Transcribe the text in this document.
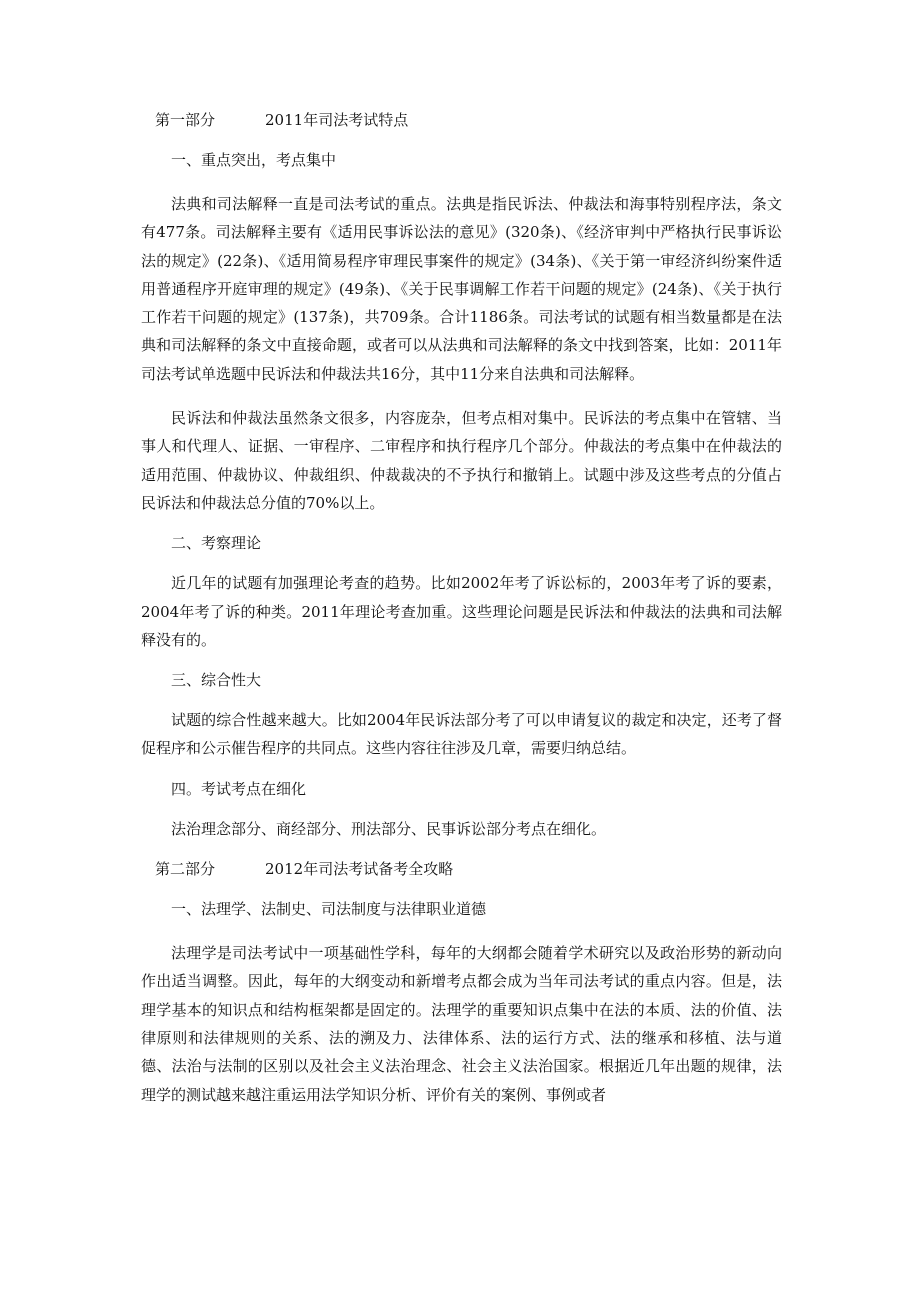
第一部分	2011年司法考试特点

一、重点突出，考点集中

法典和司法解释一直是司法考试的重点。法典是指民诉法、仲裁法和海事特别程序法，条文有477条。司法解释主要有《适用民事诉讼法的意见》(320条)、《经济审判中严格执行民事诉讼法的规定》(22条)、《适用简易程序审理民事案件的规定》(34条)、《关于第一审经济纠纷案件适用普通程序开庭审理的规定》(49条)、《关于民事调解工作若干问题的规定》(24条)、《关于执行工作若干问题的规定》(137条)，共709条。合计1186条。司法考试的试题有相当数量都是在法典和司法解释的条文中直接命题，或者可以从法典和司法解释的条文中找到答案，比如：2011年司法考试单选题中民诉法和仲裁法共16分，其中11分来自法典和司法解释。

民诉法和仲裁法虽然条文很多，内容庞杂，但考点相对集中。民诉法的考点集中在管辖、当事人和代理人、证据、一审程序、二审程序和执行程序几个部分。仲裁法的考点集中在仲裁法的适用范围、仲裁协议、仲裁组织、仲裁裁决的不予执行和撤销上。试题中涉及这些考点的分值占民诉法和仲裁法总分值的70%以上。

二、考察理论

近几年的试题有加强理论考查的趋势。比如2002年考了诉讼标的，2003年考了诉的要素，2004年考了诉的种类。2011年理论考查加重。这些理论问题是民诉法和仲裁法的法典和司法解释没有的。

三、综合性大

试题的综合性越来越大。比如2004年民诉法部分考了可以申请复议的裁定和决定，还考了督促程序和公示催告程序的共同点。这些内容往往涉及几章，需要归纳总结。

四。考试考点在细化

法治理念部分、商经部分、刑法部分、民事诉讼部分考点在细化。

第二部分	2012年司法考试备考全攻略

一、法理学、法制史、司法制度与法律职业道德

法理学是司法考试中一项基础性学科，每年的大纲都会随着学术研究以及政治形势的新动向作出适当调整。因此，每年的大纲变动和新增考点都会成为当年司法考试的重点内容。但是，法理学基本的知识点和结构框架都是固定的。法理学的重要知识点集中在法的本质、法的价值、法律原则和法律规则的关系、法的溯及力、法律体系、法的运行方式、法的继承和移植、法与道德、法治与法制的区别以及社会主义法治理念、社会主义法治国家。根据近几年出题的规律，法理学的测试越来越注重运用法学知识分析、评价有关的案例、事例或者
